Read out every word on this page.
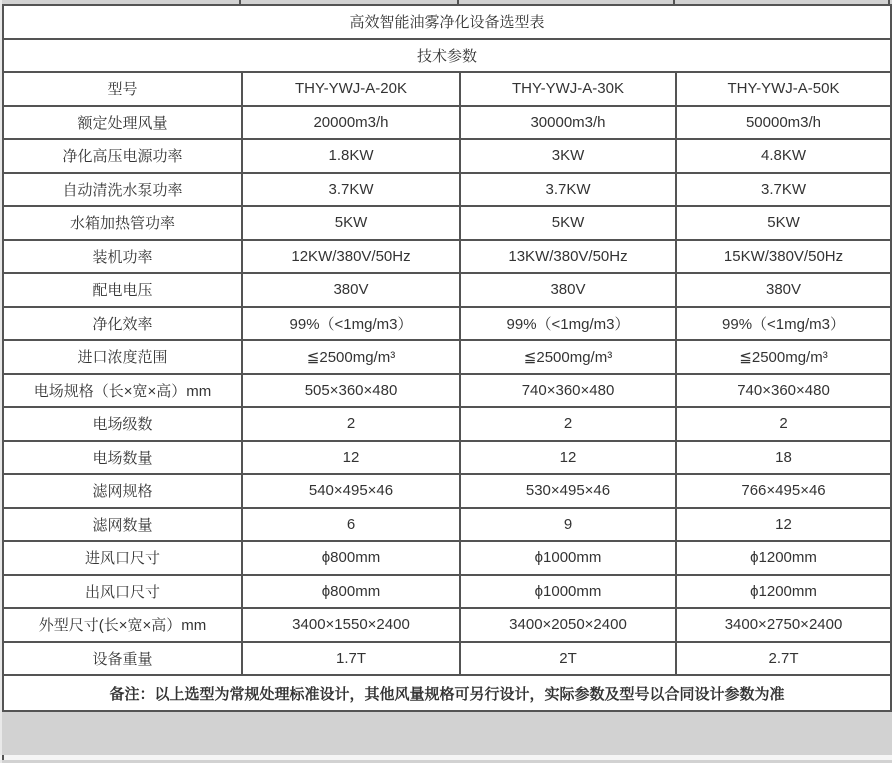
高效智能油雾净化设备选型表			
技术参数			
型号	THY-YWJ-A-20K	THY-YWJ-A-30K	THY-YWJ-A-50K
额定处理风量	20000m3/h	30000m3/h	50000m3/h
净化高压电源功率	1.8KW	3KW	4.8KW
自动清洗水泵功率	3.7KW	3.7KW	3.7KW
水箱加热管功率	5KW	5KW	5KW
装机功率	12KW/380V/50Hz	13KW/380V/50Hz	15KW/380V/50Hz
配电电压	380V	380V	380V
净化效率	99%（<1mg/m3）	99%（<1mg/m3）	99%（<1mg/m3）
进口浓度范围	≦2500mg/m³	≦2500mg/m³	≦2500mg/m³
电场规格（长×宽×高）mm	505×360×480	740×360×480	740×360×480
电场级数	2	2	2
电场数量	12	12	18
滤网规格	540×495×46	530×495×46	766×495×46
滤网数量	6	9	12
进风口尺寸	ϕ800mm	ϕ1000mm	ϕ1200mm
出风口尺寸	ϕ800mm	ϕ1000mm	ϕ1200mm
外型尺寸(长×宽×高）mm	3400×1550×2400	3400×2050×2400	3400×2750×2400
设备重量	1.7T	2T	2.7T
备注：以上选型为常规处理标准设计，其他风量规格可另行设计，实际参数及型号以合同设计参数为准			
